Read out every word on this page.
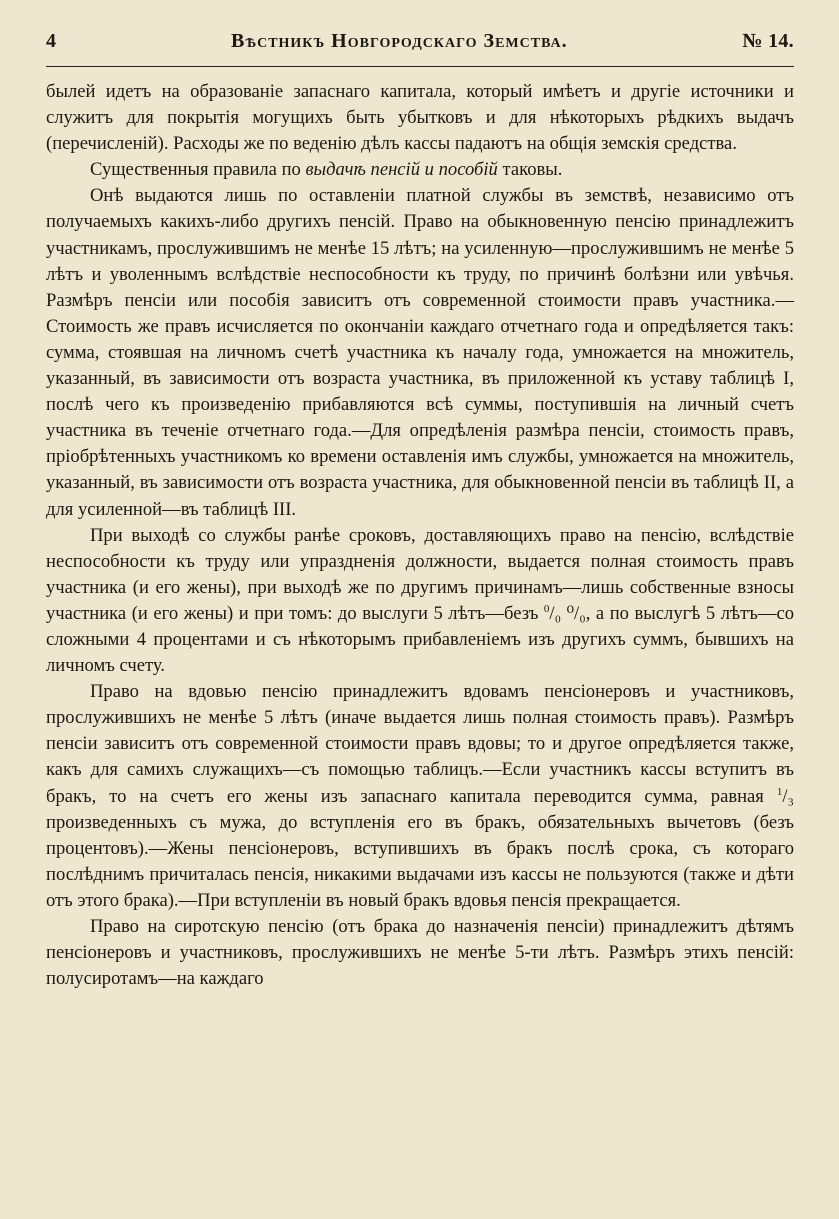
4	Вѣстникъ Новгородскаго Земства.	№ 14.

былей идетъ на образованіе запаснаго капитала, который имѣетъ и другіе источники и служитъ для покрытія могущихъ быть убытковъ и для нѣкоторыхъ рѣдкихъ выдачъ (перечисленій). Расходы же по веденію дѣлъ кассы падаютъ на общія земскія средства.

Существенныя правила по выдачѣ пенсій и пособій таковы.

Онѣ выдаются лишь по оставленіи платной службы въ земствѣ, независимо отъ получаемыхъ какихъ-либо другихъ пенсій. Право на обыкновенную пенсію принадлежитъ участникамъ, прослужившимъ не менѣе 15 лѣтъ; на усиленную—прослужившимъ не менѣе 5 лѣтъ и уволеннымъ вслѣдствіе неспособности къ труду, по причинѣ болѣзни или увѣчья. Размѣръ пенсіи или пособія зависитъ отъ современной стоимости правъ участника.—Стоимость же правъ исчисляется по окончаніи каждаго отчетнаго года и опредѣляется такъ: сумма, стоявшая на личномъ счетѣ участника къ началу года, умножается на множитель, указанный, въ зависимости отъ возраста участника, въ приложенной къ уставу таблицѣ I, послѣ чего къ произведенію прибавляются всѣ суммы, поступившія на личный счетъ участника въ теченіе отчетнаго года.—Для опредѣленія размѣра пенсіи, стоимость правъ, пріобрѣтенныхъ участникомъ ко времени оставленія имъ службы, умножается на множитель, указанный, въ зависимости отъ возраста участника, для обыкновенной пенсіи въ таблицѣ II, а для усиленной—въ таблицѣ III.

При выходѣ со службы ранѣе сроковъ, доставляющихъ право на пенсію, вслѣдствіе неспособности къ труду или упраздненія должности, выдается полная стоимость правъ участника (и его жены), при выходѣ же по другимъ причинамъ—лишь собственные взносы участника (и его жены) и при томъ: до выслуги 5 лѣтъ—безъ $^0$/₀ ⁰/₀, а по выслугѣ 5 лѣтъ—со сложными 4 процентами и съ нѣкоторымъ прибавленіемъ изъ другихъ суммъ, бывшихъ на личномъ счету.

Право на вдовью пенсію принадлежитъ вдовамъ пенсіонеровъ и участниковъ, прослужившихъ не менѣе 5 лѣтъ (иначе выдается лишь полная стоимость правъ). Размѣръ пенсіи зависитъ отъ современной стоимости правъ вдовы; то и другое опредѣляется также, какъ для самихъ служащихъ—съ помощью таблицъ.—Если участникъ кассы вступитъ въ бракъ, то на счетъ его жены изъ запаснаго капитала переводится сумма, равная $^1$/₃ произведенныхъ съ мужа, до вступленія его въ бракъ, обязательныхъ вычетовъ (безъ процентовъ).—Жены пенсіонеровъ, вступившихъ въ бракъ послѣ срока, съ котораго послѣднимъ причиталась пенсія, никакими выдачами изъ кассы не пользуются (также и дѣти отъ этого брака).—При вступленіи въ новый бракъ вдовья пенсія прекращается.

Право на сиротскую пенсію (отъ брака до назначенія пенсіи) принадлежитъ дѣтямъ пенсіонеровъ и участниковъ, прослужившихъ не менѣе 5-ти лѣтъ. Размѣръ этихъ пенсій: полусиротамъ—на каждаго
